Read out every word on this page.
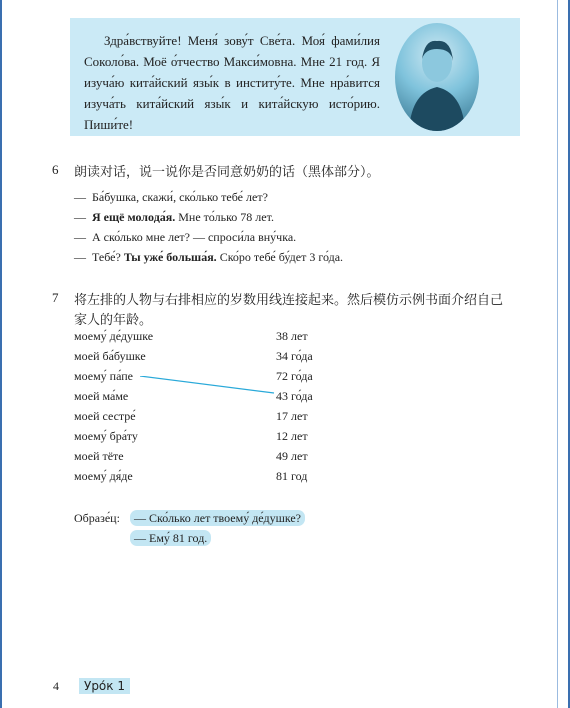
Здра́вствуйте! Меня́ зову́т Све́та. Моя́ фами́лия Соколо́ва. Моё о́тчество Макси́мовна. Мне 21 год. Я изуча́ю кита́йский язы́к в институ́те. Мне нра́вится изуча́ть кита́йский язы́к и кита́йскую исто́рию. Пиши́те!
6 朗读对话，说一说你是否同意奶奶的话（黑体部分）。
— Ба́бушка, скажи́, ско́лько тебе́ лет?
— Я ещё молода́я. Мне то́лько 78 лет.
— А ско́лько мне лет? — спроси́ла вну́чка.
— Тебе́? Ты уже́ больша́я. Ско́ро тебе́ бу́дет 3 го́да.
7 将左排的人物与右排相应的岁数用线连接起来。然后模仿示例书面介绍自己家人的年龄。
моему́ де́душке	38 лет
моей ба́бушке	34 го́да
моему́ па́пе	72 го́да
моей ма́ме	43 го́да
моей сестре́	17 лет
моему́ бра́ту	12 лет
моей тёте	49 лет
моему́ дя́де	81 год
Образе́ц:	— Ско́лько лет твоему́ де́душке?
— Ему́ 81 год.
4	Уро́к 1
